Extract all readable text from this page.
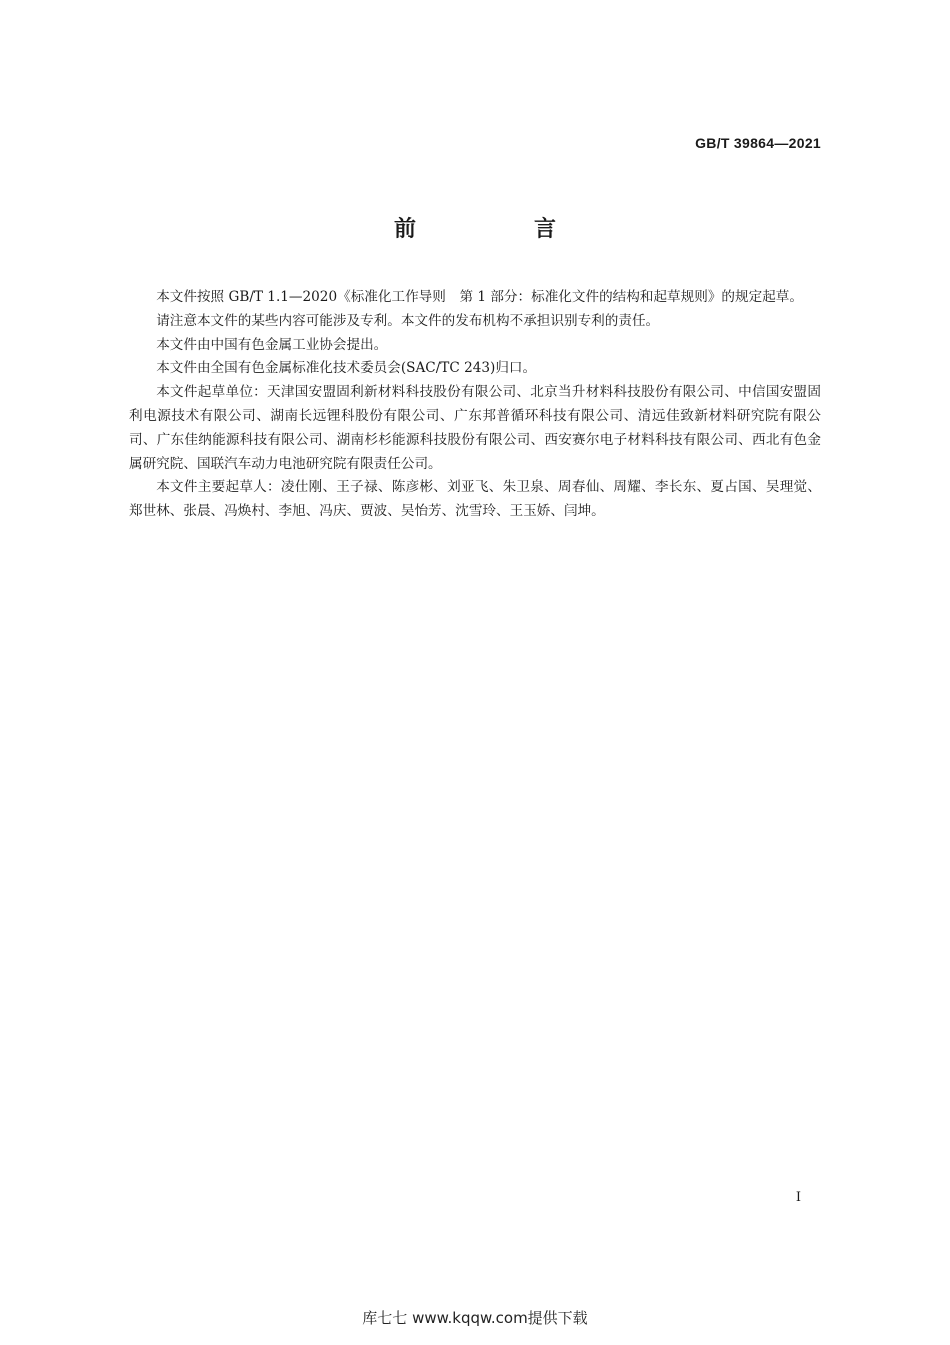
GB/T 39864—2021
前　言

本文件按照 GB/T 1.1—2020《标准化工作导则　第 1 部分：标准化文件的结构和起草规则》的规定起草。

请注意本文件的某些内容可能涉及专利。本文件的发布机构不承担识别专利的责任。

本文件由中国有色金属工业协会提出。

本文件由全国有色金属标准化技术委员会(SAC/TC 243)归口。

本文件起草单位：天津国安盟固利新材料科技股份有限公司、北京当升材料科技股份有限公司、中信国安盟固利电源技术有限公司、湖南长远锂科股份有限公司、广东邦普循环科技有限公司、清远佳致新材料研究院有限公司、广东佳纳能源科技有限公司、湖南杉杉能源科技股份有限公司、西安赛尔电子材料科技有限公司、西北有色金属研究院、国联汽车动力电池研究院有限责任公司。

本文件主要起草人：凌仕刚、王子禄、陈彦彬、刘亚飞、朱卫泉、周春仙、周耀、李长东、夏占国、吴理觉、郑世林、张晨、冯焕村、李旭、冯庆、贾波、吴怡芳、沈雪玲、王玉娇、闫坤。

I
库七七 www.kqqw.com提供下载
